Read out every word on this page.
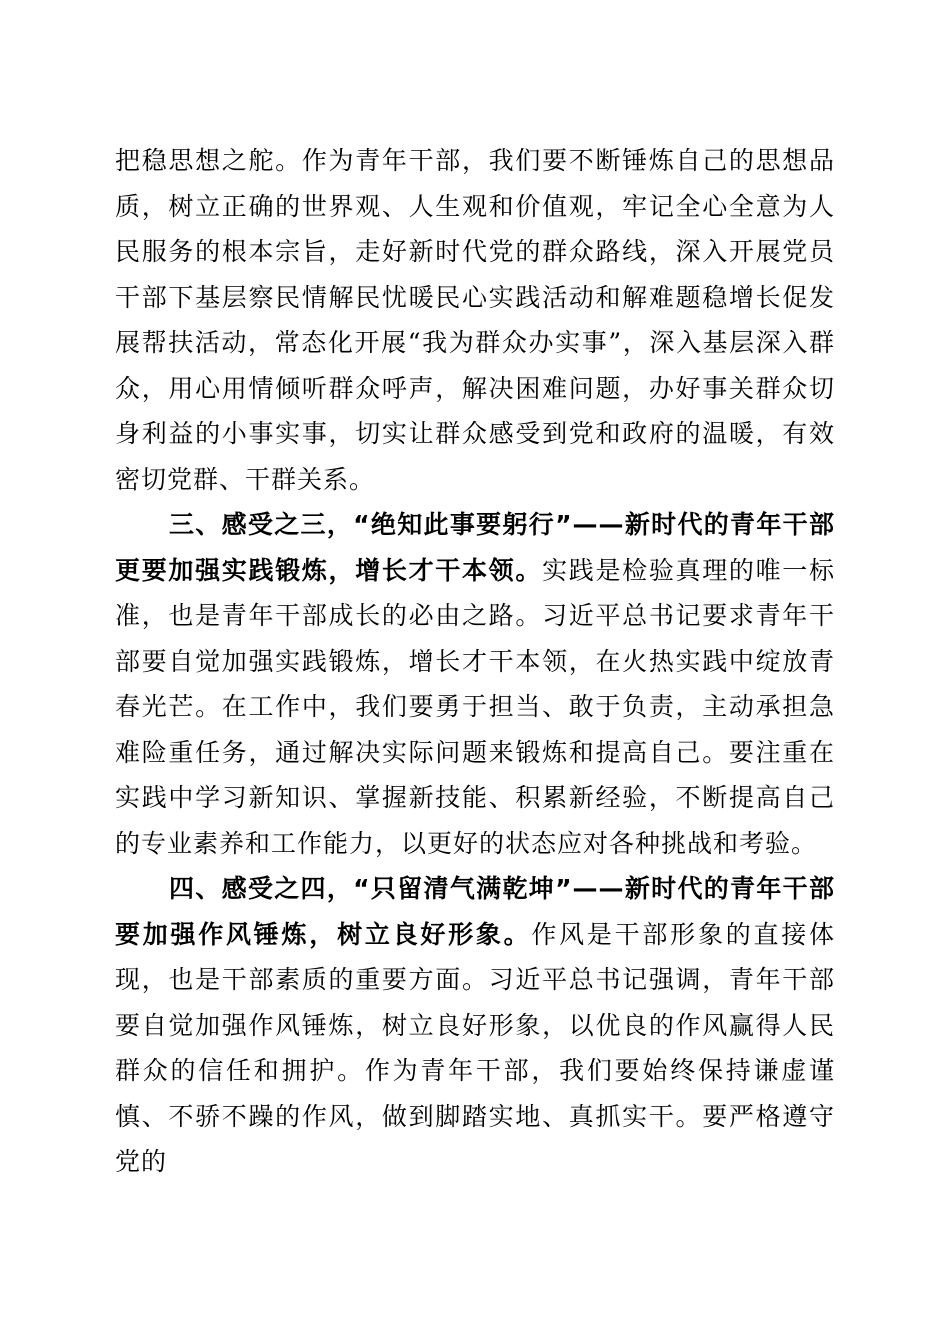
把稳思想之舵。作为青年干部，我们要不断锤炼自己的思想品质，树立正确的世界观、人生观和价值观，牢记全心全意为人民服务的根本宗旨，走好新时代党的群众路线，深入开展党员干部下基层察民情解民忧暖民心实践活动和解难题稳增长促发展帮扶活动，常态化开展“我为群众办实事”，深入基层深入群众，用心用情倾听群众呼声，解决困难问题，办好事关群众切身利益的小事实事，切实让群众感受到党和政府的温暖，有效密切党群、干群关系。

三、感受之三，“绝知此事要躬行”——新时代的青年干部更要加强实践锻炼，增长才干本领。实践是检验真理的唯一标准，也是青年干部成长的必由之路。习近平总书记要求青年干部要自觉加强实践锻炼，增长才干本领，在火热实践中绽放青春光芒。在工作中，我们要勇于担当、敢于负责，主动承担急难险重任务，通过解决实际问题来锻炼和提高自己。要注重在实践中学习新知识、掌握新技能、积累新经验，不断提高自己的专业素养和工作能力，以更好的状态应对各种挑战和考验。

四、感受之四，“只留清气满乾坤”——新时代的青年干部要加强作风锤炼，树立良好形象。作风是干部形象的直接体现，也是干部素质的重要方面。习近平总书记强调，青年干部要自觉加强作风锤炼，树立良好形象，以优良的作风赢得人民群众的信任和拥护。作为青年干部，我们要始终保持谦虚谨慎、不骄不躁的作风，做到脚踏实地、真抓实干。要严格遵守党的
